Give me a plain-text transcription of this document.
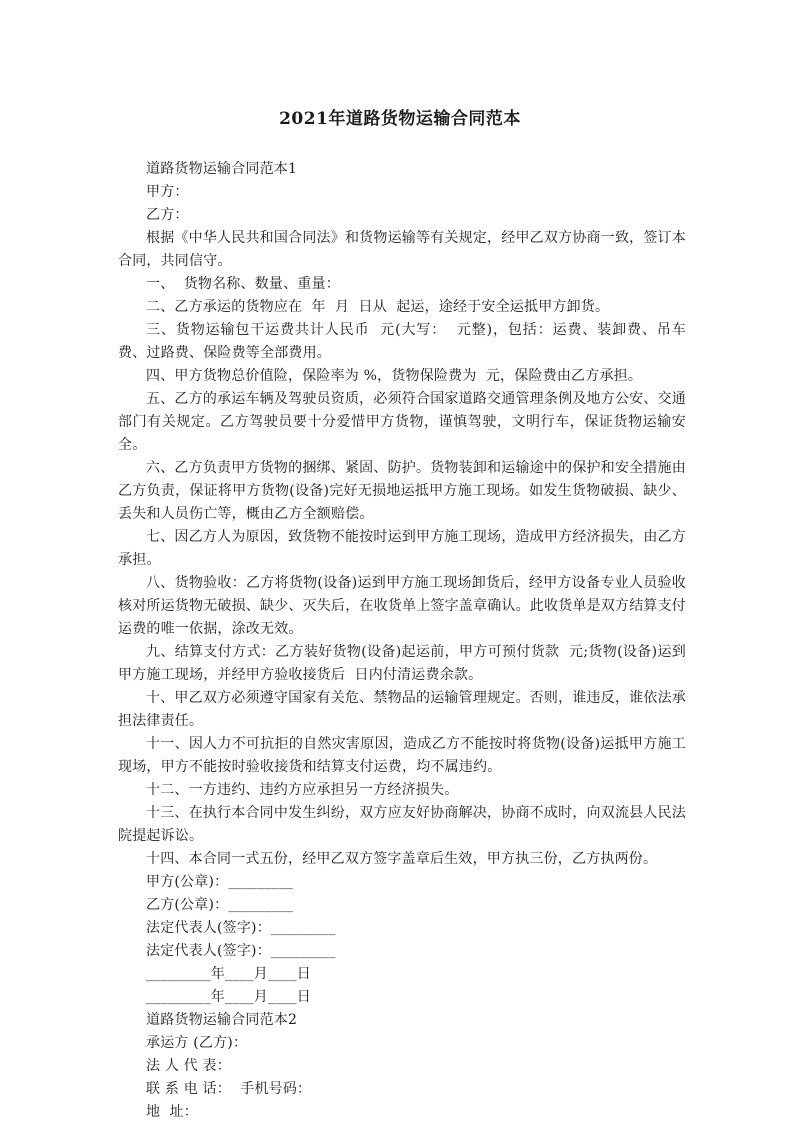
2021年道路货物运输合同范本

道路货物运输合同范本1

甲方：

乙方：

根据《中华人民共和国合同法》和货物运输等有关规定，经甲乙双方协商一致，签订本合同，共同信守。

一、  货物名称、数量、重量：

二、乙方承运的货物应在  年  月  日从  起运，途经于安全运抵甲方卸货。

三、货物运输包干运费共计人民币  元(大写：  元整)，包括：运费、装卸费、吊车费、过路费、保险费等全部费用。

四、甲方货物总价值险，保险率为 %，货物保险费为  元，保险费由乙方承担。

五、乙方的承运车辆及驾驶员资质，必须符合国家道路交通管理条例及地方公安、交通部门有关规定。乙方驾驶员要十分爱惜甲方货物，谨慎驾驶，文明行车，保证货物运输安全。

六、乙方负责甲方货物的捆绑、紧固、防护。货物装卸和运输途中的保护和安全措施由乙方负责，保证将甲方货物(设备)完好无损地运抵甲方施工现场。如发生货物破损、缺少、丢失和人员伤亡等，概由乙方全额赔偿。

七、因乙方人为原因，致货物不能按时运到甲方施工现场，造成甲方经济损失，由乙方承担。

八、货物验收：乙方将货物(设备)运到甲方施工现场卸货后，经甲方设备专业人员验收核对所运货物无破损、缺少、灭失后，在收货单上签字盖章确认。此收货单是双方结算支付运费的唯一依据，涂改无效。

九、结算支付方式：乙方装好货物(设备)起运前，甲方可预付货款  元;货物(设备)运到甲方施工现场，并经甲方验收接货后  日内付清运费余款。

十、甲乙双方必须遵守国家有关危、禁物品的运输管理规定。否则，谁违反，谁依法承担法律责任。

十一、因人力不可抗拒的自然灾害原因，造成乙方不能按时将货物(设备)运抵甲方施工现场，甲方不能按时验收接货和结算支付运费，均不属违约。

十二、一方违约、违约方应承担另一方经济损失。

十三、在执行本合同中发生纠纷，双方应友好协商解决，协商不成时，向双流县人民法院提起诉讼。

十四、本合同一式五份，经甲乙双方签字盖章后生效，甲方执三份，乙方执两份。

甲方(公章)：_________

乙方(公章)：_________

法定代表人(签字)：_________

法定代表人(签字)：_________

_________年____月____日

_________年____月____日

道路货物运输合同范本2

承运方 (乙方)：

法 人 代 表：

联 系 电 话：  手机号码：

地  址：
